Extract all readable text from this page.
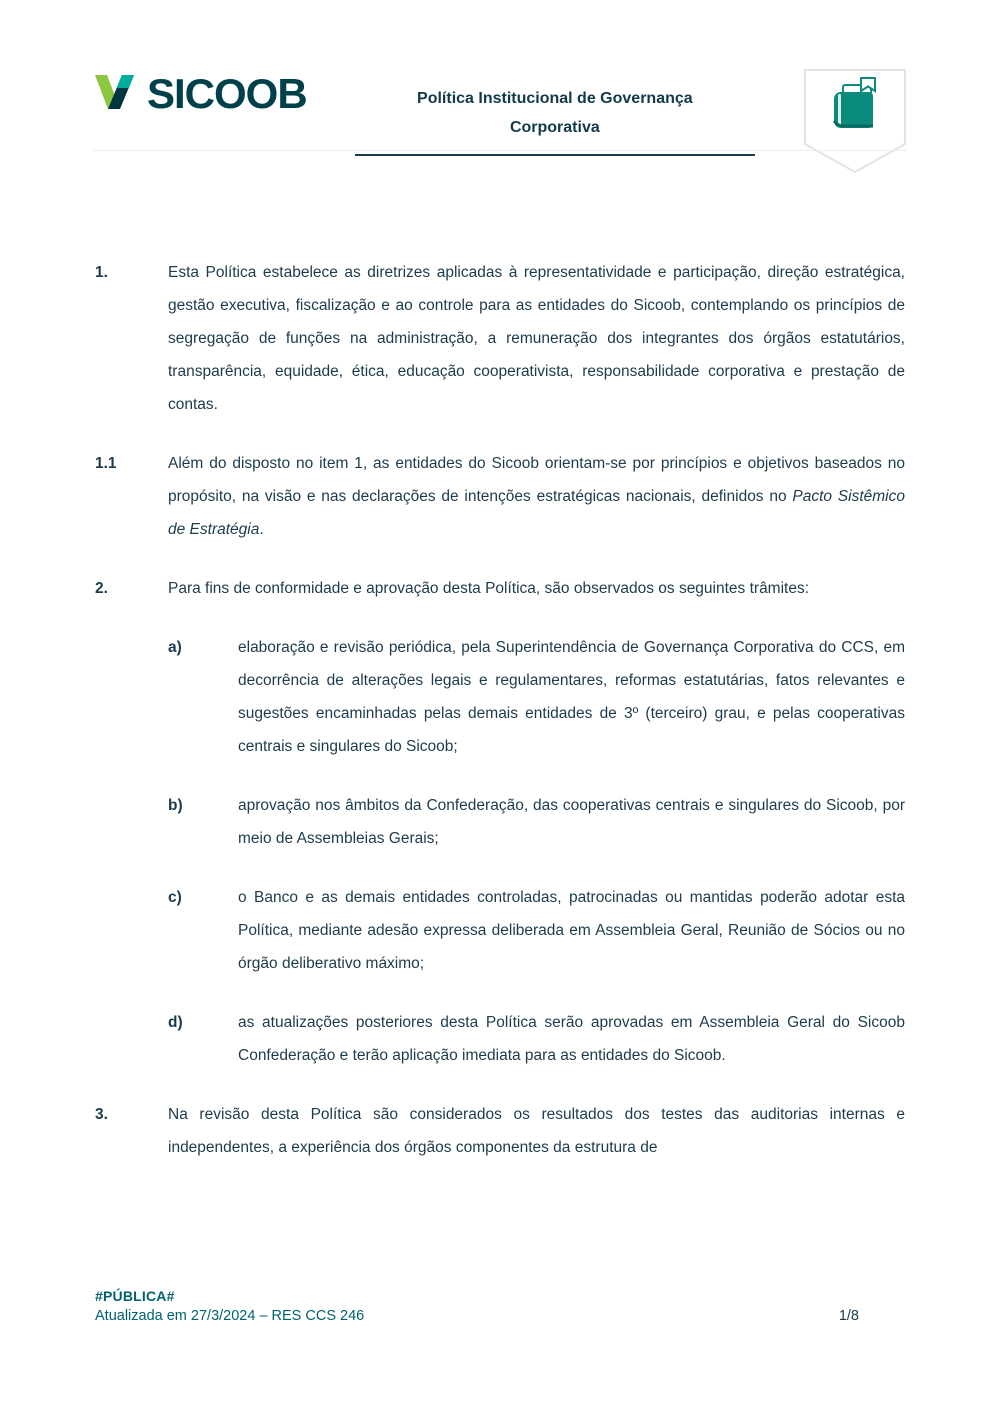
SICOOB	Política Institucional de Governança
Corporativa
1.	Esta Política estabelece as diretrizes aplicadas à representatividade e participação, direção estratégica, gestão executiva, fiscalização e ao controle para as entidades do Sicoob, contemplando os princípios de segregação de funções na administração, a remuneração dos integrantes dos órgãos estatutários, transparência, equidade, ética, educação cooperativista, responsabilidade corporativa e prestação de contas.
1.1	Além do disposto no item 1, as entidades do Sicoob orientam-se por princípios e objetivos baseados no propósito, na visão e nas declarações de intenções estratégicas nacionais, definidos no Pacto Sistêmico de Estratégia.
2.	Para fins de conformidade e aprovação desta Política, são observados os seguintes trâmites:
a)	elaboração e revisão periódica, pela Superintendência de Governança Corporativa do CCS, em decorrência de alterações legais e regulamentares, reformas estatutárias, fatos relevantes e sugestões encaminhadas pelas demais entidades de 3º (terceiro) grau, e pelas cooperativas centrais e singulares do Sicoob;
b)	aprovação nos âmbitos da Confederação, das cooperativas centrais e singulares do Sicoob, por meio de Assembleias Gerais;
c)	o Banco e as demais entidades controladas, patrocinadas ou mantidas poderão adotar esta Política, mediante adesão expressa deliberada em Assembleia Geral, Reunião de Sócios ou no órgão deliberativo máximo;
d)	as atualizações posteriores desta Política serão aprovadas em Assembleia Geral do Sicoob Confederação e terão aplicação imediata para as entidades do Sicoob.
3.	Na revisão desta Política são considerados os resultados dos testes das auditorias internas e independentes, a experiência dos órgãos componentes da estrutura de
#PÚBLICA#
Atualizada em 27/3/2024 – RES CCS 246	1/8
